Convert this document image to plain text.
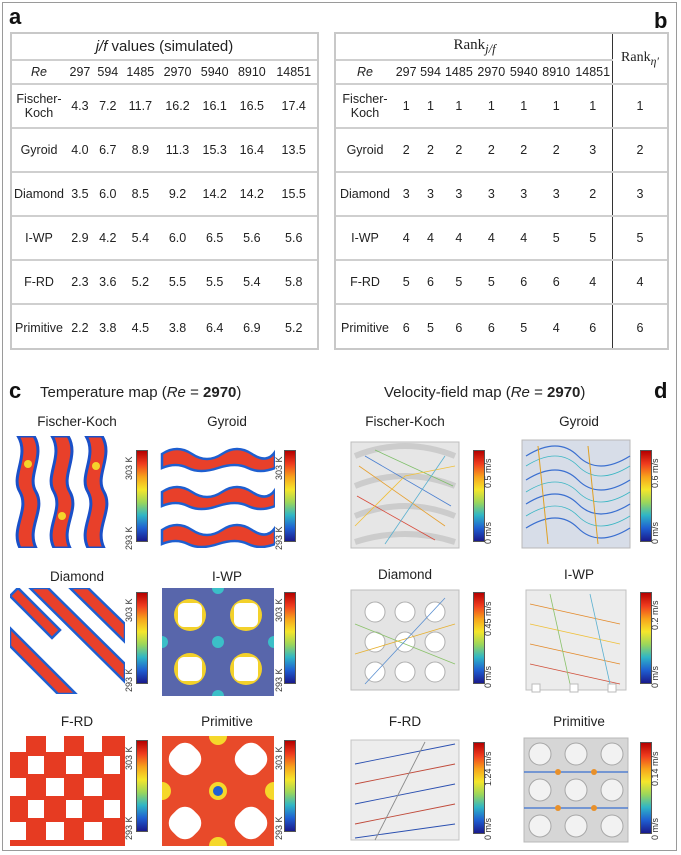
a	b
c	d
j/f values (simulated)							
Re	297	594	1485	2970	5940	8910	14851
Fischer-
Koch	4.3	7.2	11.7	16.2	16.1	16.5	17.4
Gyroid	4.0	6.7	8.9	11.3	15.3	16.4	13.5
Diamond	3.5	6.0	8.5	9.2	14.2	14.2	15.5
I-WP	2.9	4.2	5.4	6.0	6.5	5.6	5.6
F-RD	2.3	3.6	5.2	5.5	5.5	5.4	5.8
Primitive	2.2	3.8	4.5	3.8	6.4	6.9	5.2
Rank$_{j/f}$								Rank$_{\eta'}$
Re	297	594	1485	2970	5940	8910	14851	
Fischer-
Koch	1	1	1	1	1	1	1	1
Gyroid	2	2	2	2	2	2	3	2
Diamond	3	3	3	3	3	3	2	3
I-WP	4	4	4	4	4	5	5	5
F-RD	5	6	5	5	6	6	4	4
Primitive	6	5	6	6	5	4	6	6
Temperature map (Re = 2970)	Velocity-field map (Re = 2970)
Fischer-Koch	Gyroid
Diamond	I-WP
F-RD	Primitive
303 K
293 K
303 K
293 K
303 K
293 K
303 K
293 K
303 K
293 K
303 K
293 K
Fischer-Koch	Gyroid
Diamond	I-WP
F-RD	Primitive
0.5 m/s
0 m/s
0.6 m/s
0 m/s
0.45 m/s
0 m/s
0.2 m/s
0 m/s
1.24 m/s
0 m/s
0.14 m/s
0 m/s
